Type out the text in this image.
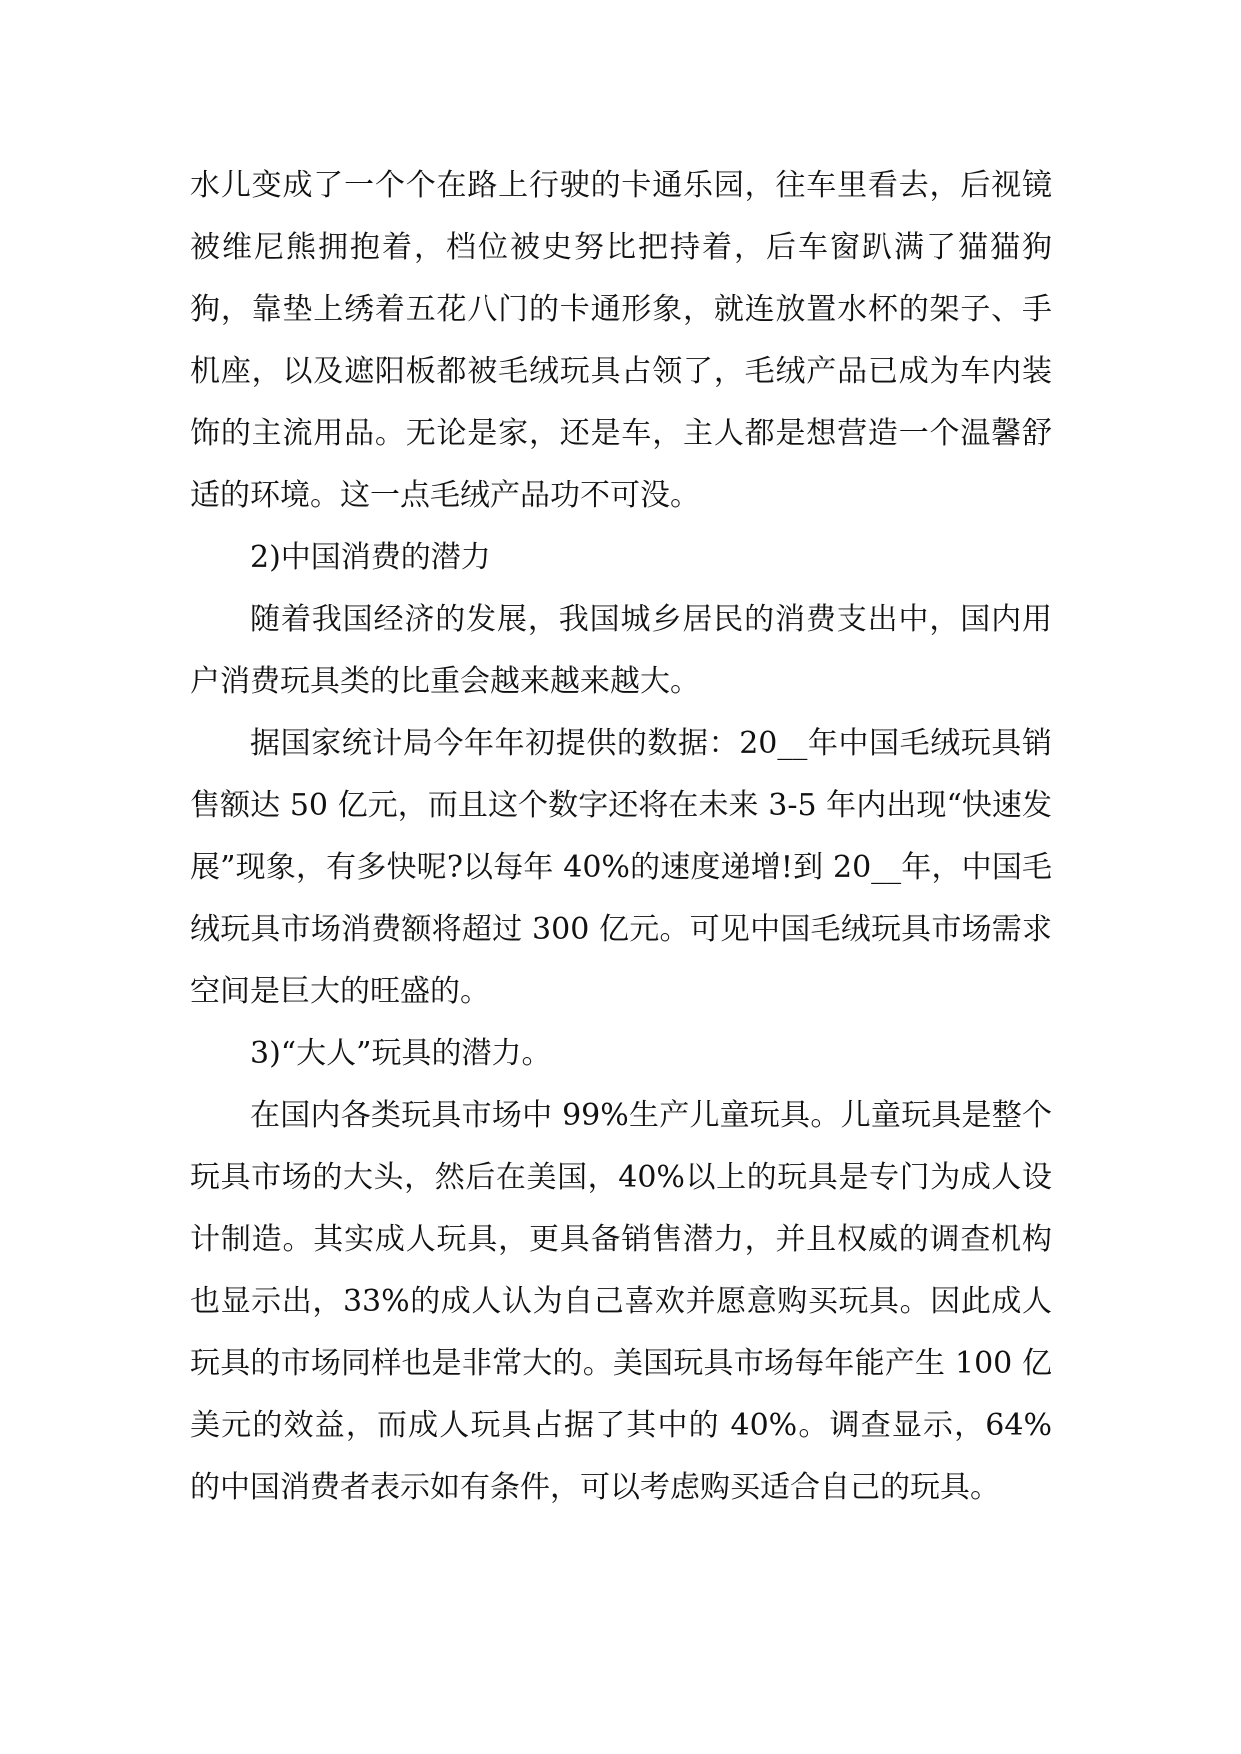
水儿变成了一个个在路上行驶的卡通乐园，往车里看去，后视镜被维尼熊拥抱着，档位被史努比把持着，后车窗趴满了猫猫狗狗，靠垫上绣着五花八门的卡通形象，就连放置水杯的架子、手机座，以及遮阳板都被毛绒玩具占领了，毛绒产品已成为车内装饰的主流用品。无论是家，还是车，主人都是想营造一个温馨舒适的环境。这一点毛绒产品功不可没。

2)中国消费的潜力

随着我国经济的发展，我国城乡居民的消费支出中，国内用户消费玩具类的比重会越来越来越大。

据国家统计局今年年初提供的数据：20__年中国毛绒玩具销售额达 50 亿元，而且这个数字还将在未来 3-5 年内出现“快速发展”现象，有多快呢?以每年 40%的速度递增!到 20__年，中国毛绒玩具市场消费额将超过 300 亿元。可见中国毛绒玩具市场需求空间是巨大的旺盛的。

3)“大人”玩具的潜力。

在国内各类玩具市场中 99%生产儿童玩具。儿童玩具是整个玩具市场的大头，然后在美国，40%以上的玩具是专门为成人设计制造。其实成人玩具，更具备销售潜力，并且权威的调查机构也显示出，33%的成人认为自己喜欢并愿意购买玩具。因此成人玩具的市场同样也是非常大的。美国玩具市场每年能产生 100 亿美元的效益，而成人玩具占据了其中的 40%。调查显示，64%的中国消费者表示如有条件，可以考虑购买适合自己的玩具。
